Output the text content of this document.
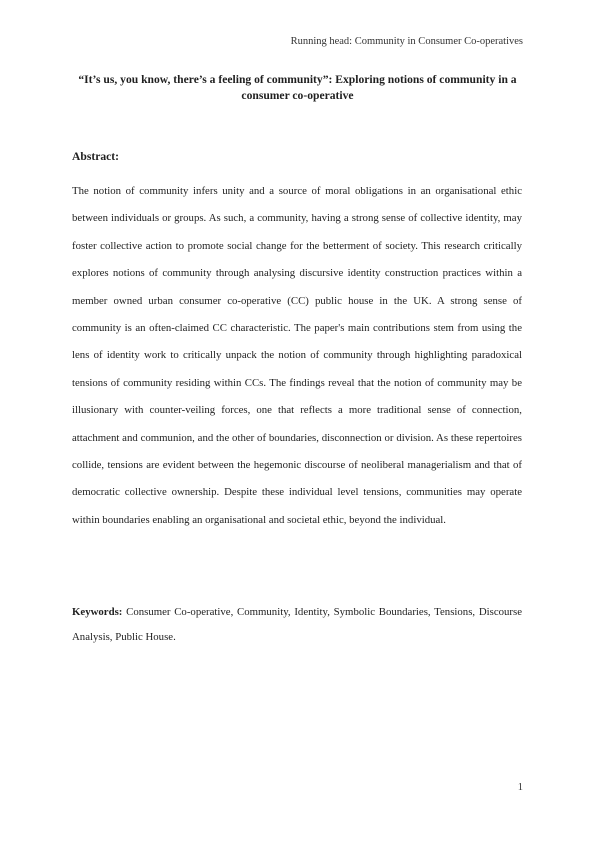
Running head: Community in Consumer Co-operatives
“It’s us, you know, there’s a feeling of community”: Exploring notions of community in a consumer co-operative
Abstract:

The notion of community infers unity and a source of moral obligations in an organisational ethic between individuals or groups. As such, a community, having a strong sense of collective identity, may foster collective action to promote social change for the betterment of society. This research critically explores notions of community through analysing discursive identity construction practices within a member owned urban consumer co-operative (CC) public house in the UK. A strong sense of community is an often-claimed CC characteristic. The paper's main contributions stem from using the lens of identity work to critically unpack the notion of community through highlighting paradoxical tensions of community residing within CCs. The findings reveal that the notion of community may be illusionary with counter-veiling forces, one that reflects a more traditional sense of connection, attachment and communion, and the other of boundaries, disconnection or division. As these repertoires collide, tensions are evident between the hegemonic discourse of neoliberal managerialism and that of democratic collective ownership. Despite these individual level tensions, communities may operate within boundaries enabling an organisational and societal ethic, beyond the individual.

Keywords: Consumer Co-operative, Community, Identity, Symbolic Boundaries, Tensions, Discourse Analysis, Public House.

1
